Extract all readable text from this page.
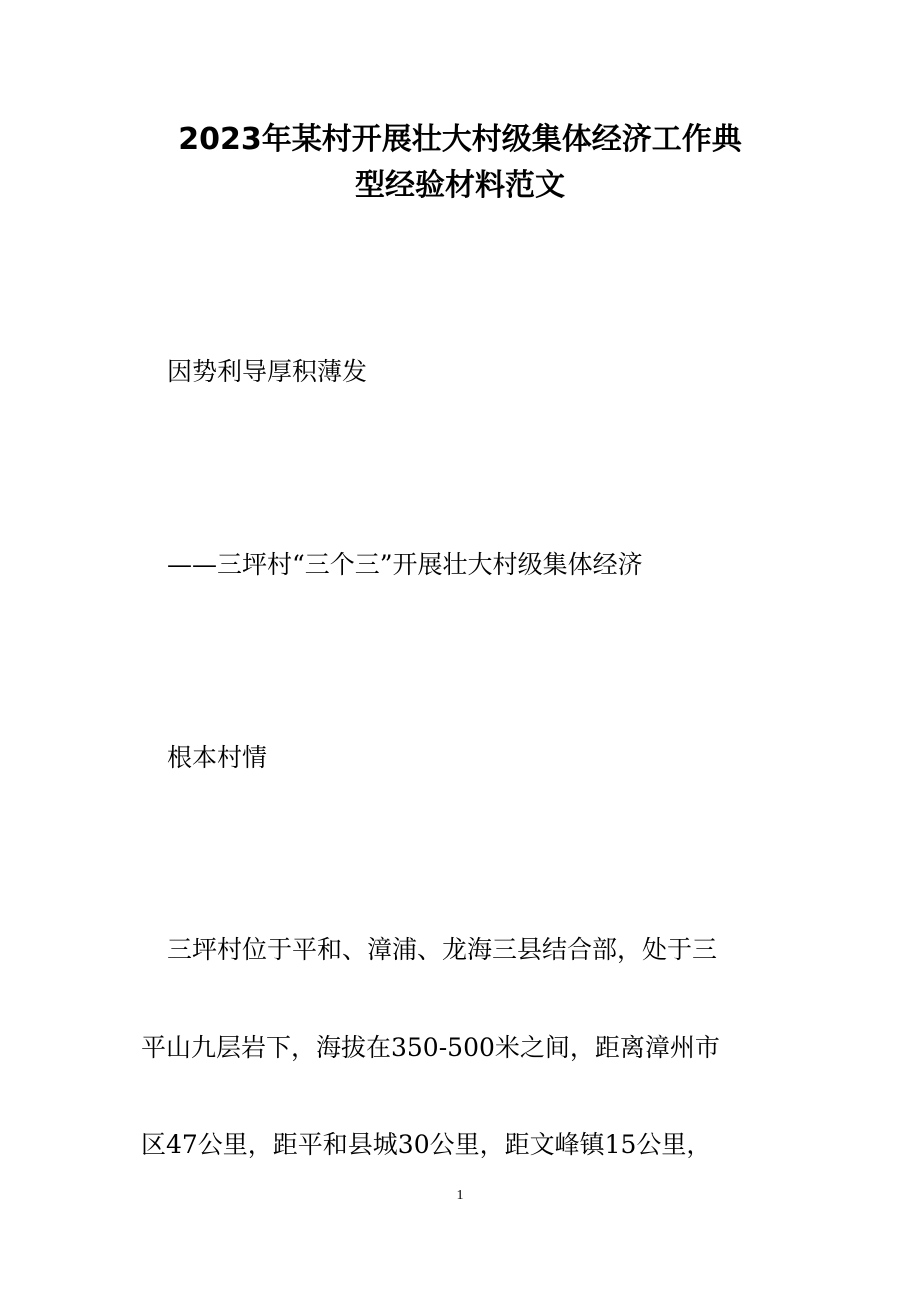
2023年某村开展壮大村级集体经济工作典
型经验材料范文
因势利导厚积薄发
——三坪村“三个三”开展壮大村级集体经济
根本村情
三坪村位于平和、漳浦、龙海三县结合部，处于三
平山九层岩下，海拔在350-500米之间，距离漳州市
区47公里，距平和县城30公里，距文峰镇15公里，
1
